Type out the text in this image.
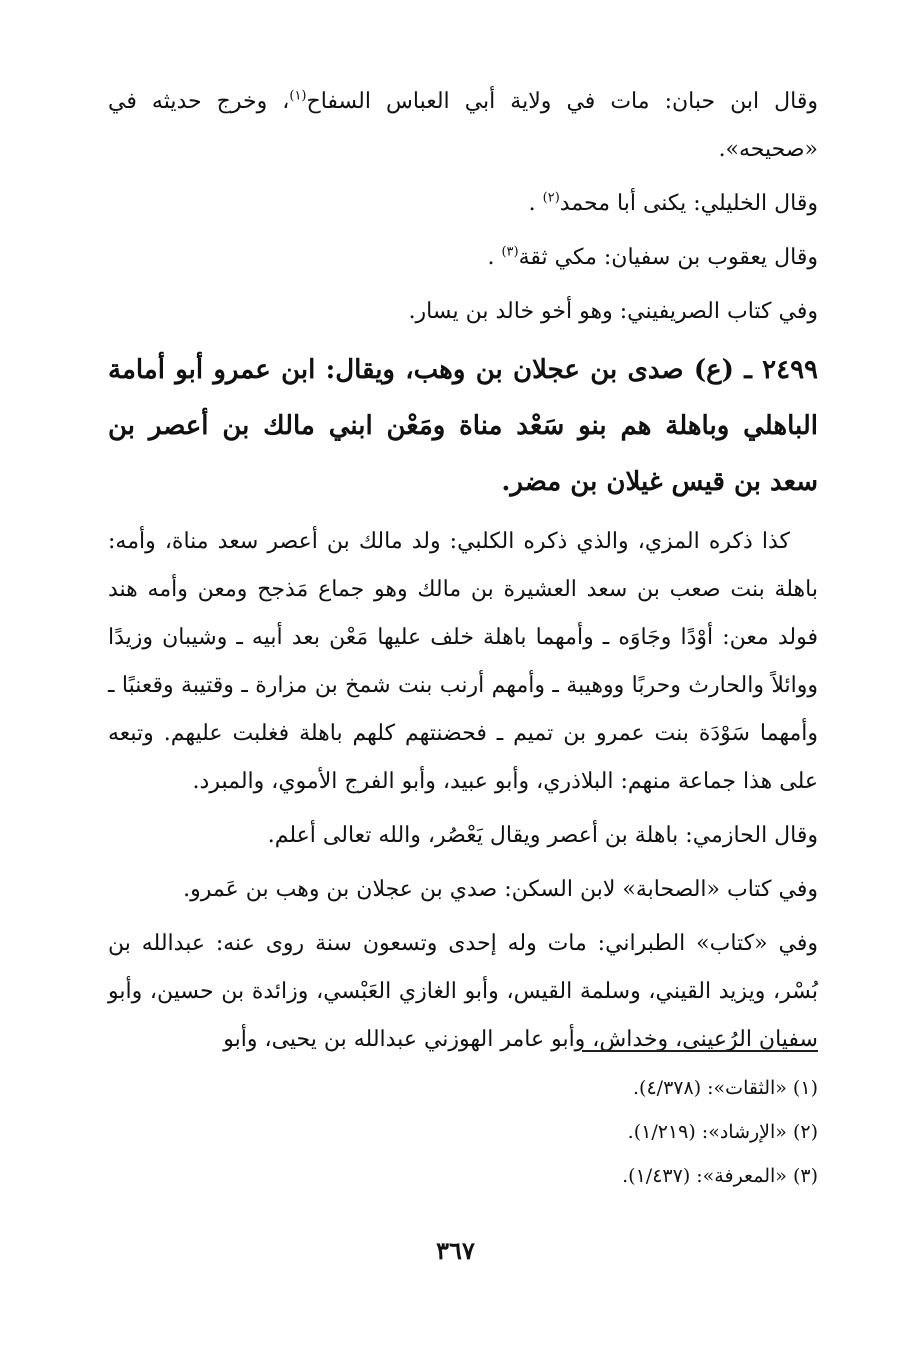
وقال ابن حبان: مات في ولاية أبي العباس السفاح$^{(١)}$، وخرج حديثه في «صحيحه».

وقال الخليلي: يكنى أبا محمد$^{(٢)}$ .

وقال يعقوب بن سفيان: مكي ثقة$^{(٣)}$ .

وفي كتاب الصريفيني: وهو أخو خالد بن يسار.

٢٤٩٩ ـ (ع) صدى بن عجلان بن وهب، ويقال: ابن عمرو أبو أمامة الباهلي وباهلة هم بنو سَعْد مناة ومَعْن ابني مالك بن أعصر بن سعد بن قيس غيلان بن مضر.

كذا ذكره المزي، والذي ذكره الكلبي: ولد مالك بن أعصر سعد مناة، وأمه: باهلة بنت صعب بن سعد العشيرة بن مالك وهو جماع مَذجح ومعن وأمه هند فولد معن: أوْدًا وجَاوَه ـ وأمهما باهلة خلف عليها مَعْن بعد أبيه ـ وشيبان وزيدًا ووائلاً والحارث وحربًا ووهيبة ـ وأمهم أرنب بنت شمخ بن مزارة ـ وقتيبة وقعنبًا ـ وأمهما سَوْدَة بنت عمرو بن تميم ـ فحضنتهم كلهم باهلة فغلبت عليهم. وتبعه على هذا جماعة منهم: البلاذري، وأبو عبيد، وأبو الفرج الأموي، والمبرد.

وقال الحازمي: باهلة بن أعصر ويقال يَعْصُر، والله تعالى أعلم.

وفي كتاب «الصحابة» لابن السكن: صدي بن عجلان بن وهب بن عَمرو.

وفي «كتاب» الطبراني: مات وله إحدى وتسعون سنة روى عنه: عبدالله بن بُسْر، ويزيد القيني، وسلمة القيس، وأبو الغازي العَبْسي، وزائدة بن حسين، وأبو سفيان الرُعيني، وخداش، وأبو عامر الهوزني عبدالله بن يحيى، وأبو

(١) «الثقات»: (٤/٣٧٨).
(٢) «الإرشاد»: (١/٢١٩).
(٣) «المعرفة»: (١/٤٣٧).
٣٦٧
